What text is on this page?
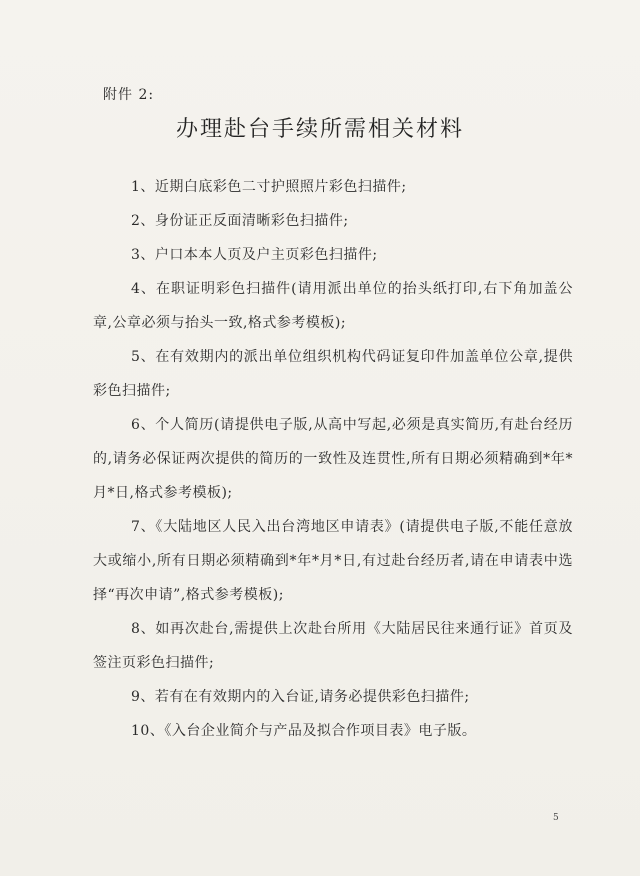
附件 2:
办理赴台手续所需相关材料
1、近期白底彩色二寸护照照片彩色扫描件;
2、身份证正反面清晰彩色扫描件;
3、户口本本人页及户主页彩色扫描件;
4、在职证明彩色扫描件(请用派出单位的抬头纸打印,右下角加盖公章,公章必须与抬头一致,格式参考模板);
5、在有效期内的派出单位组织机构代码证复印件加盖单位公章,提供彩色扫描件;
6、个人简历(请提供电子版,从高中写起,必须是真实简历,有赴台经历的,请务必保证两次提供的简历的一致性及连贯性,所有日期必须精确到*年*月*日,格式参考模板);
7、《大陆地区人民入出台湾地区申请表》(请提供电子版,不能任意放大或缩小,所有日期必须精确到*年*月*日,有过赴台经历者,请在申请表中选择“再次申请”,格式参考模板);
8、如再次赴台,需提供上次赴台所用《大陆居民往来通行证》首页及签注页彩色扫描件;
9、若有在有效期内的入台证,请务必提供彩色扫描件;
10、《入台企业简介与产品及拟合作项目表》电子版。
5
